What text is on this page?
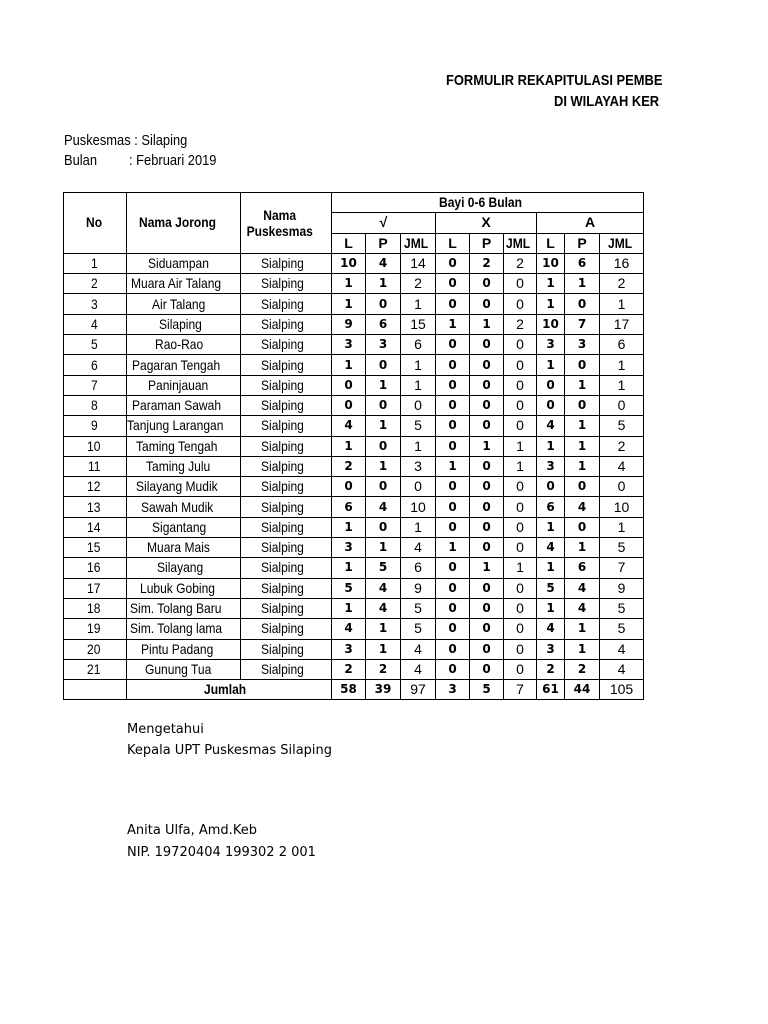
FORMULIR REKAPITULASI PEMBE
DI WILAYAH KER
Puskesmas : Silaping
Bulan : Februari 2019
No	Nama Jorong	Nama Puskesmas	Bayi 0-6 Bulan								
			√			X			A		
			L	P	JML	L	P	JML	L	P	JML
1	Siduampan	Sialping	10	4	14	0	2	2	10	6	16
2	Muara Air Talang	Sialping	1	1	2	0	0	0	1	1	2
3	Air Talang	Sialping	1	0	1	0	0	0	1	0	1
4	Silaping	Sialping	9	6	15	1	1	2	10	7	17
5	Rao-Rao	Sialping	3	3	6	0	0	0	3	3	6
6	Pagaran Tengah	Sialping	1	0	1	0	0	0	1	0	1
7	Paninjauan	Sialping	0	1	1	0	0	0	0	1	1
8	Paraman Sawah	Sialping	0	0	0	0	0	0	0	0	0
9	Tanjung Larangan	Sialping	4	1	5	0	0	0	4	1	5
10	Taming Tengah	Sialping	1	0	1	0	1	1	1	1	2
11	Taming Julu	Sialping	2	1	3	1	0	1	3	1	4
12	Silayang Mudik	Sialping	0	0	0	0	0	0	0	0	0
13	Sawah Mudik	Sialping	6	4	10	0	0	0	6	4	10
14	Sigantang	Sialping	1	0	1	0	0	0	1	0	1
15	Muara Mais	Sialping	3	1	4	1	0	0	4	1	5
16	Silayang	Sialping	1	5	6	0	1	1	1	6	7
17	Lubuk Gobing	Sialping	5	4	9	0	0	0	5	4	9
18	Sim. Tolang Baru	Sialping	1	4	5	0	0	0	1	4	5
19	Sim. Tolang lama	Sialping	4	1	5	0	0	0	4	1	5
20	Pintu Padang	Sialping	3	1	4	0	0	0	3	1	4
21	Gunung Tua	Sialping	2	2	4	0	0	0	2	2	4
	Jumlah		58	39	97	3	5	7	61	44	105
Mengetahui
Kepala UPT Puskesmas Silaping
Anita Ulfa, Amd.Keb
NIP. 19720404 199302 2 001
